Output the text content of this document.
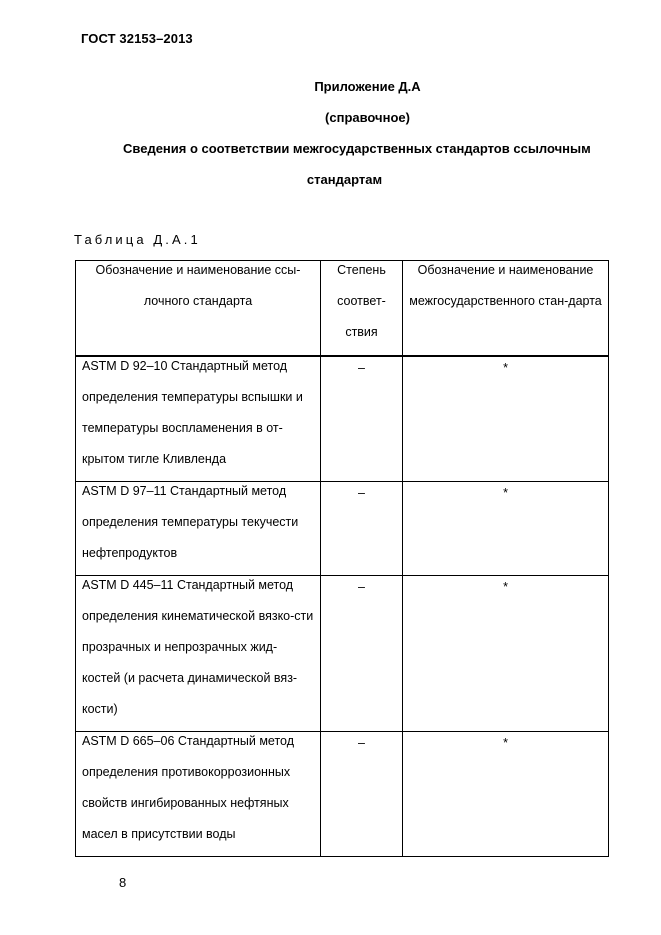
ГОСТ 32153–2013
Приложение Д.А
(справочное)
Сведения о соответствии межгосударственных стандартов ссылочным
стандартам
Таблица Д.А.1
Обозначение и наименование ссы-лочного стандарта	Степень соответ-ствия	Обозначение и наименование межгосударственного стан-дарта

ASTM D 92–10 Стандартный метод определения температуры вспышки и температуры воспламенения в от-крытом тигле Кливленда	–	*

ASTM D 97–11 Стандартный метод определения температуры текучести нефтепродуктов	–	*

ASTM D 445–11 Стандартный метод определения кинематической вязко-сти прозрачных и непрозрачных жид-костей (и расчета динамической вяз-кости)	–	*

ASTM D 665–06 Стандартный метод определения противокоррозионных свойств ингибированных нефтяных масел в присутствии воды	–	*
8
